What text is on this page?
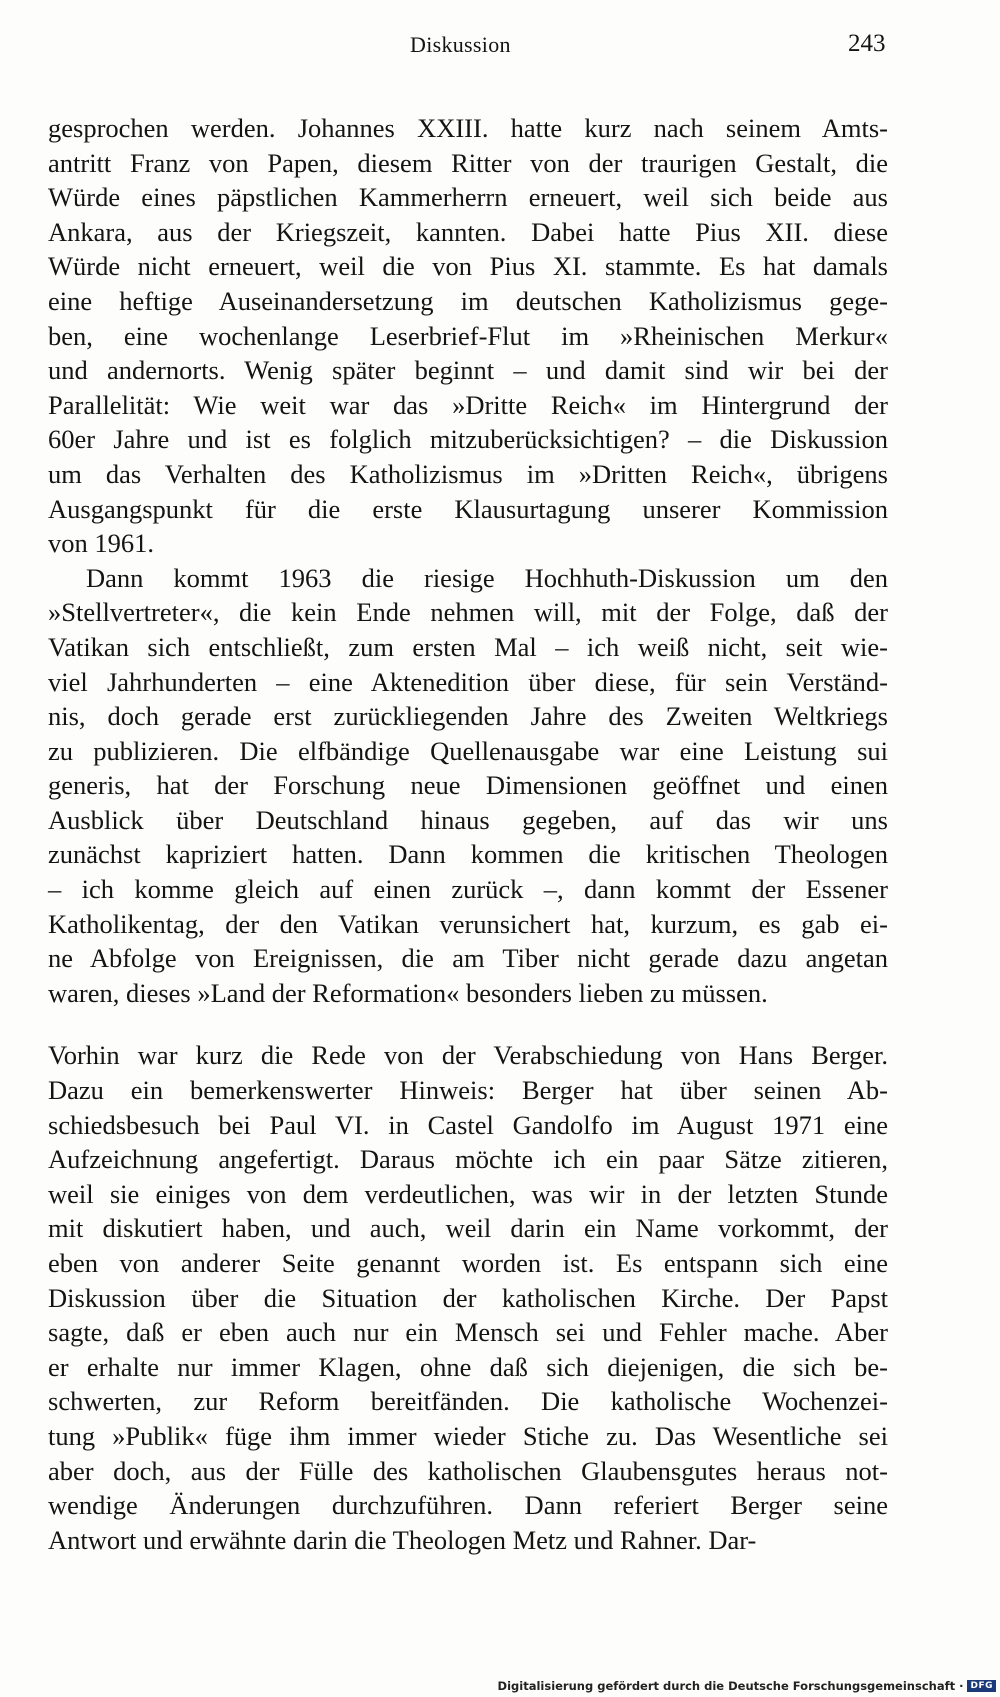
Diskussion	243

gesprochen werden. Johannes XXIII. hatte kurz nach seinem Amts-
antritt Franz von Papen, diesem Ritter von der traurigen Gestalt, die
Würde eines päpstlichen Kammerherrn erneuert, weil sich beide aus
Ankara, aus der Kriegszeit, kannten. Dabei hatte Pius XII. diese
Würde nicht erneuert, weil die von Pius XI. stammte. Es hat damals
eine heftige Auseinandersetzung im deutschen Katholizismus gege-
ben, eine wochenlange Leserbrief-Flut im »Rheinischen Merkur«
und andernorts. Wenig später beginnt – und damit sind wir bei der
Parallelität: Wie weit war das »Dritte Reich« im Hintergrund der
60er Jahre und ist es folglich mitzuberücksichtigen? – die Diskussion
um das Verhalten des Katholizismus im »Dritten Reich«, übrigens
Ausgangspunkt für die erste Klausurtagung unserer Kommission
von 1961.

Dann kommt 1963 die riesige Hochhuth-Diskussion um den
»Stellvertreter«, die kein Ende nehmen will, mit der Folge, daß der
Vatikan sich entschließt, zum ersten Mal – ich weiß nicht, seit wie-
viel Jahrhunderten – eine Aktenedition über diese, für sein Verständ-
nis, doch gerade erst zurückliegenden Jahre des Zweiten Weltkriegs
zu publizieren. Die elfbändige Quellenausgabe war eine Leistung sui
generis, hat der Forschung neue Dimensionen geöffnet und einen
Ausblick über Deutschland hinaus gegeben, auf das wir uns
zunächst kapriziert hatten. Dann kommen die kritischen Theologen
– ich komme gleich auf einen zurück –, dann kommt der Essener
Katholikentag, der den Vatikan verunsichert hat, kurzum, es gab ei-
ne Abfolge von Ereignissen, die am Tiber nicht gerade dazu angetan
waren, dieses »Land der Reformation« besonders lieben zu müssen.

Vorhin war kurz die Rede von der Verabschiedung von Hans Berger.
Dazu ein bemerkenswerter Hinweis: Berger hat über seinen Ab-
schiedsbesuch bei Paul VI. in Castel Gandolfo im August 1971 eine
Aufzeichnung angefertigt. Daraus möchte ich ein paar Sätze zitieren,
weil sie einiges von dem verdeutlichen, was wir in der letzten Stunde
mit diskutiert haben, und auch, weil darin ein Name vorkommt, der
eben von anderer Seite genannt worden ist. Es entspann sich eine
Diskussion über die Situation der katholischen Kirche. Der Papst
sagte, daß er eben auch nur ein Mensch sei und Fehler mache. Aber
er erhalte nur immer Klagen, ohne daß sich diejenigen, die sich be-
schwerten, zur Reform bereitfänden. Die katholische Wochenzei-
tung »Publik« füge ihm immer wieder Stiche zu. Das Wesentliche sei
aber doch, aus der Fülle des katholischen Glaubensgutes heraus not-
wendige Änderungen durchzuführen. Dann referiert Berger seine
Antwort und erwähnte darin die Theologen Metz und Rahner. Dar-

Digitalisierung gefördert durch die Deutsche Forschungsgemeinschaft · DFG
